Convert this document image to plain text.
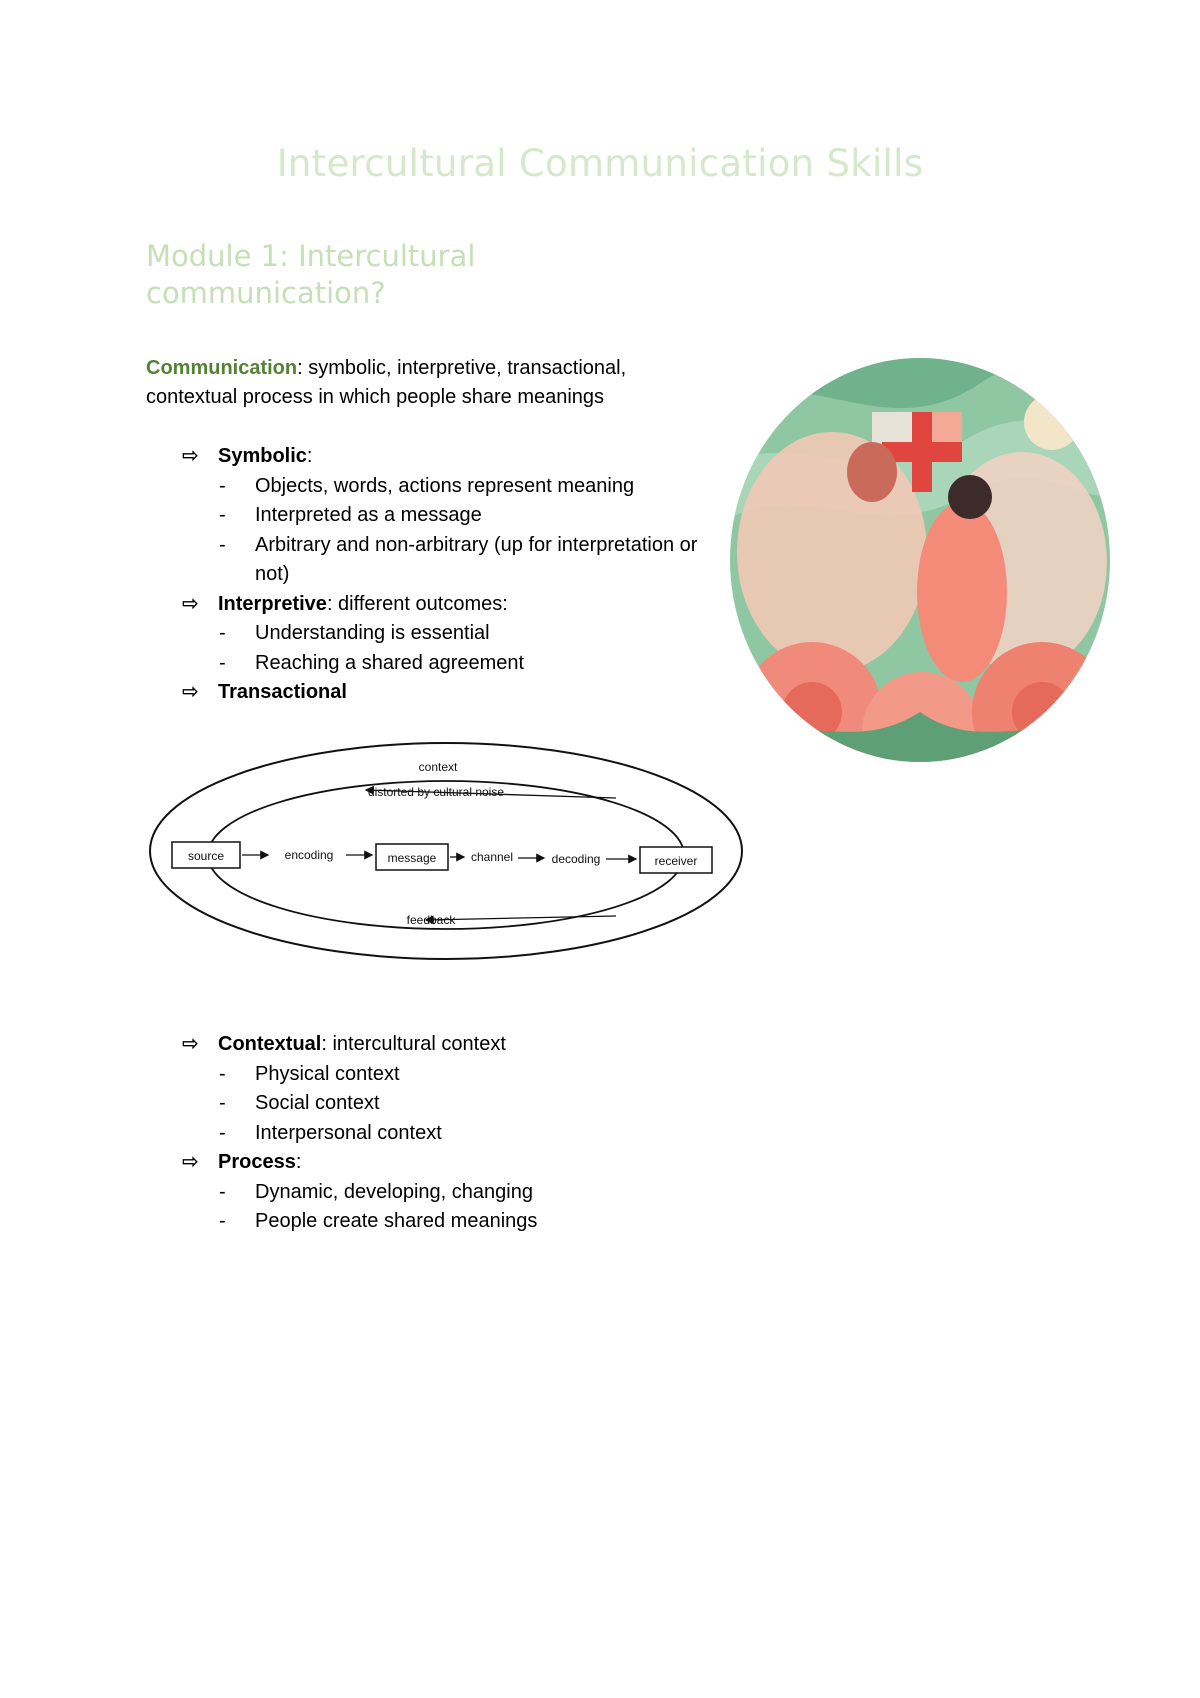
Intercultural Communication Skills
Module 1: Intercultural communication?
Communication: symbolic, interpretive, transactional, contextual process in which people share meanings
⇨ Symbolic:
- Objects, words, actions represent meaning
- Interpreted as a message
- Arbitrary and non-arbitrary (up for interpretation or not)
⇨ Interpretive: different outcomes:
- Understanding is essential
- Reaching a shared agreement
⇨ Transactional
context
distorted by cultural noise
source	encoding	message	channel	decoding	receiver
feedback
⇨ Contextual: intercultural context
- Physical context
- Social context
- Interpersonal context
⇨ Process:
- Dynamic, developing, changing
- People create shared meanings
